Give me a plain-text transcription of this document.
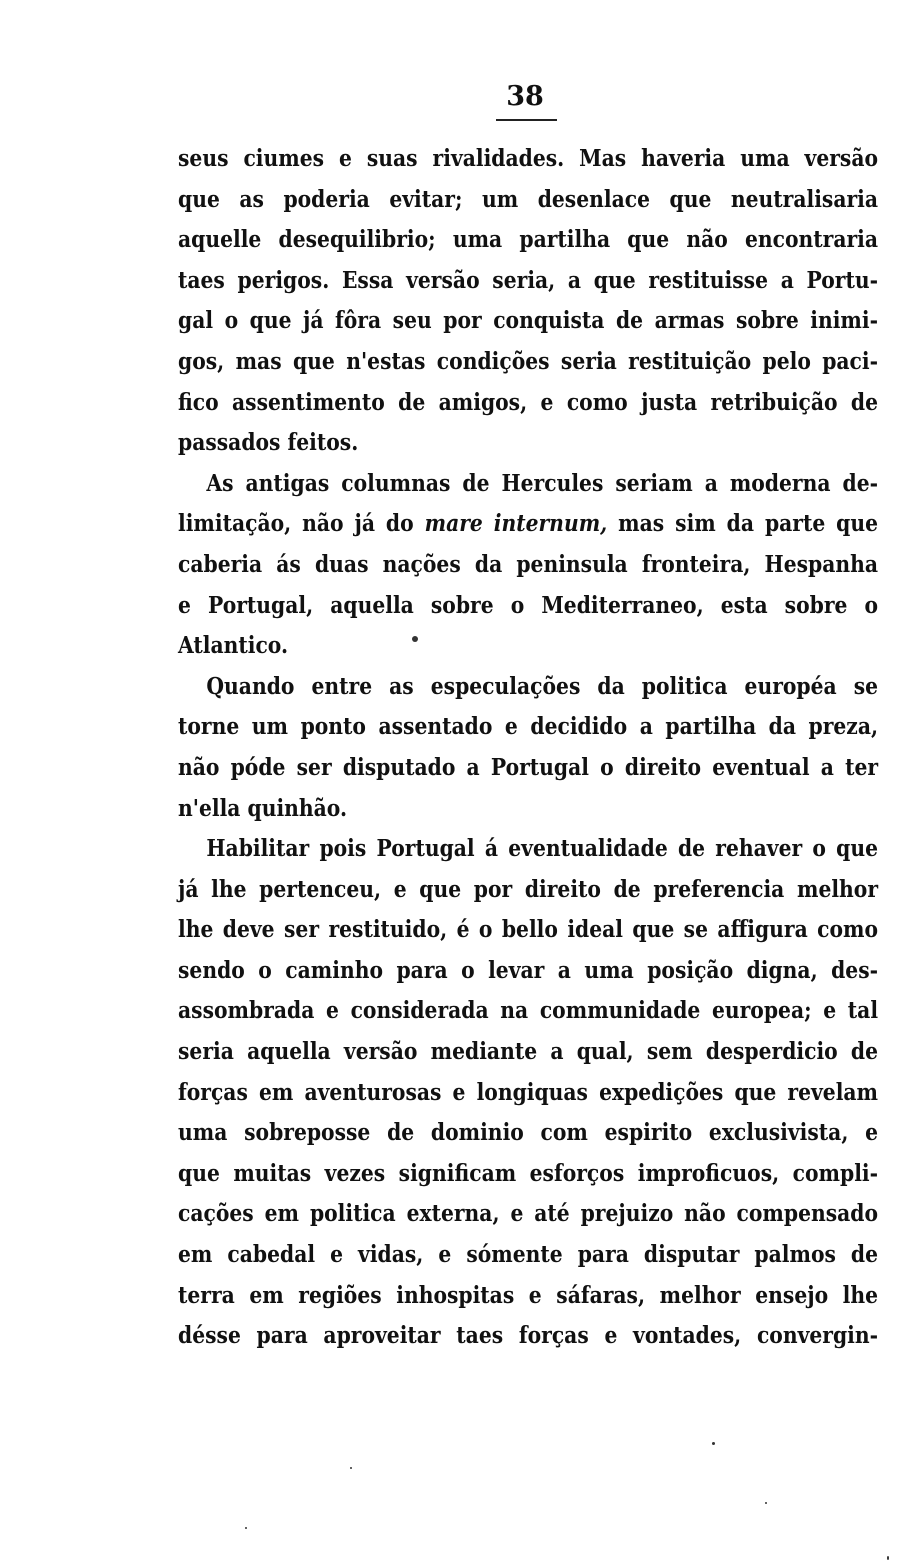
38
seus ciumes e suas rivalidades. Mas haveria uma versão
que as poderia evitar; um desenlace que neutralisaria
aquelle desequilibrio; uma partilha que não encontraria
taes perigos. Essa versão seria, a que restituisse a Portu-
gal o que já fôra seu por conquista de armas sobre inimi-
gos, mas que n'estas condições seria restituição pelo paci-
fico assentimento de amigos, e como justa retribuição de
passados feitos.
As antigas columnas de Hercules seriam a moderna de-
limitação, não já do mare internum, mas sim da parte que
caberia ás duas nações da peninsula fronteira, Hespanha
e Portugal, aquella sobre o Mediterraneo, esta sobre o
Atlantico.
Quando entre as especulações da politica européa se
torne um ponto assentado e decidido a partilha da preza,
não póde ser disputado a Portugal o direito eventual a ter
n'ella quinhão.
Habilitar pois Portugal á eventualidade de rehaver o que
já lhe pertenceu, e que por direito de preferencia melhor
lhe deve ser restituido, é o bello ideal que se affigura como
sendo o caminho para o levar a uma posição digna, des-
assombrada e considerada na communidade europea; e tal
seria aquella versão mediante a qual, sem desperdicio de
forças em aventurosas e longiquas expedições que revelam
uma sobreposse de dominio com espirito exclusivista, e
que muitas vezes significam esforços improficuos, compli-
cações em politica externa, e até prejuizo não compensado
em cabedal e vidas, e sómente para disputar palmos de
terra em regiões inhospitas e sáfaras, melhor ensejo lhe
désse para aproveitar taes forças e vontades, convergin-
